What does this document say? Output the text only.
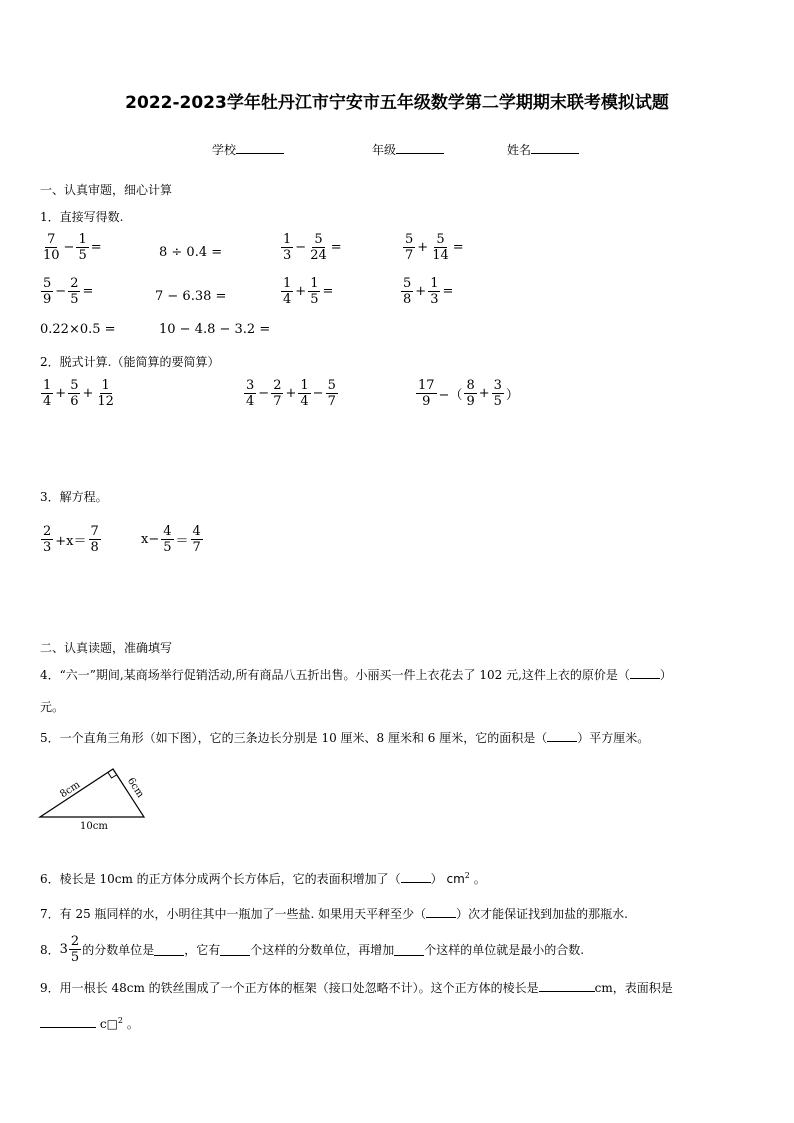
2022-2023学年牡丹江市宁安市五年级数学第二学期期末联考模拟试题
学校	年级	姓名
一、认真审题，细心计算
1．直接写得数.
$\frac{7}{10} - \frac{1}{5}$ =	8 ÷ 0.4 =	$\frac{1}{3} - \frac{5}{24}$ =	$\frac{5}{7} + \frac{5}{14}$ =
$\frac{5}{9} - \frac{2}{5}$ =	7 − 6.38 =	$\frac{1}{4} + \frac{1}{5}$ =	$\frac{5}{8} + \frac{1}{3}$ =
0.22×0.5 =	10 − 4.8 − 3.2 =
2．脱式计算.（能简算的要简算）
$\frac{1}{4} + \frac{5}{6} + \frac{1}{12}$	$\frac{3}{4} - \frac{2}{7} + \frac{1}{4} - \frac{5}{7}$	$\frac{17}{9}$ −（ $\frac{8}{9} + \frac{3}{5}$ ）
3．解方程。
$\frac{2}{3} +x= \frac{7}{8}$	$x- \frac{4}{5} = \frac{4}{7}$
二、认真读题，准确填写
4．“六一”期间,某商场举行促销活动,所有商品八五折出售。小丽买一件上衣花去了 102 元,这件上衣的原价是（	）
元。
5．一个直角三角形（如下图），它的三条边长分别是 10 厘米、8 厘米和 6 厘米，它的面积是（	）平方厘米。
8cm	6cm
10cm
6．棱长是 10cm 的正方体分成两个长方体后，它的表面积增加了（	） $cm^2$ 。
7．有 25 瓶同样的水，小明往其中一瓶加了一些盐. 如果用天平秤至少（	）次才能保证找到加盐的那瓶水.
8． $3 \frac{2}{5}$ 的分数单位是	，它有	个这样的分数单位，再增加	个这样的单位就是最小的合数.
9．用一根长 48cm 的铁丝围成了一个正方体的框架（接口处忽略不计）。这个正方体的棱长是	cm，表面积是
c□$^2$ 。
